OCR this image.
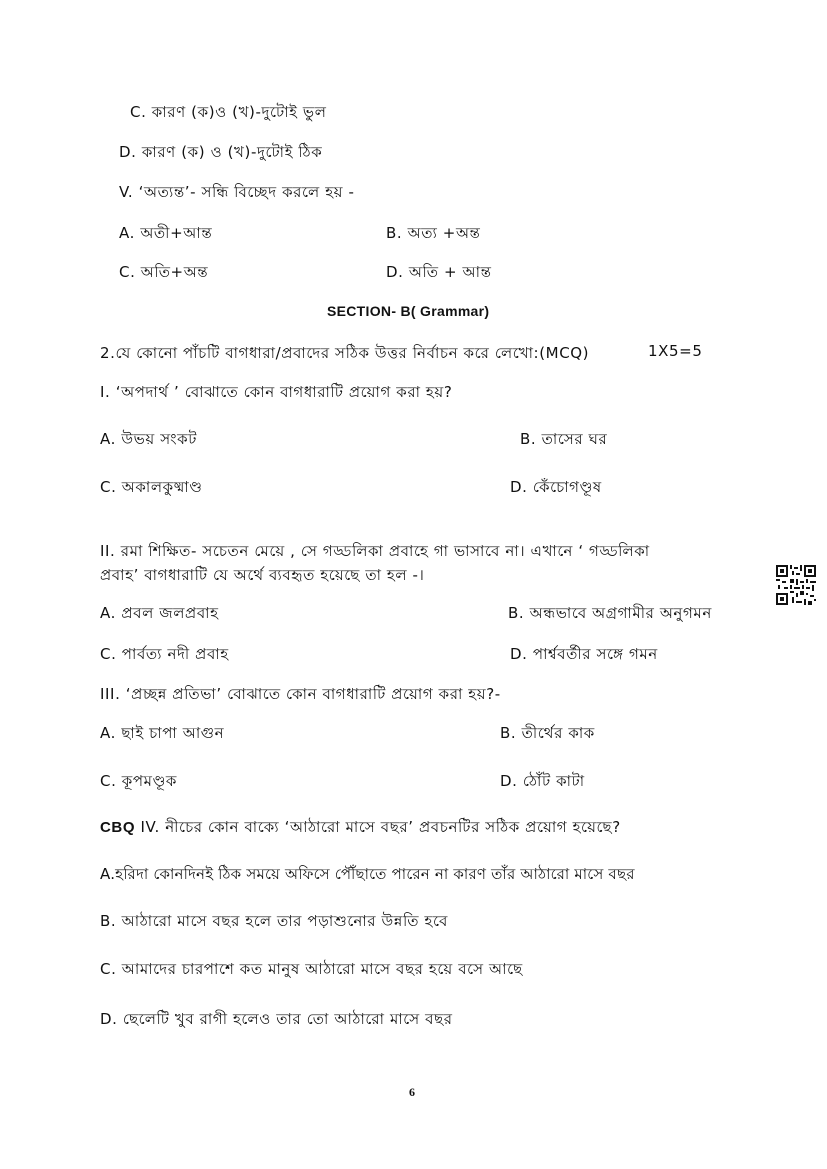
C. কারণ (ক)ও (খ)-দুটোই ভুল
D. কারণ (ক) ও (খ)-দুটোই ঠিক
V. ‘অত্যন্ত’- সন্ধি বিচ্ছেদ করলে হয় -
A. অতী+আন্ত	B. অত্য +অন্ত
C. অতি+অন্ত	D. অতি + আন্ত
SECTION- B( Grammar)
2.যে কোনো পাঁচটি বাগধারা/প্রবাদের সঠিক উত্তর নির্বাচন করে লেখো:(MCQ)	1X5=5
I. ‘অপদার্থ ’ বোঝাতে কোন বাগধারাটি প্রয়োগ করা হয়?
A. উভয় সংকট	B. তাসের ঘর
C. অকালকুষ্মাণ্ড	D. কেঁচোগণ্ডূষ
II. রমা শিক্ষিত- সচেতন মেয়ে , সে গড্ডলিকা প্রবাহে গা ভাসাবে না। এখানে ‘ গড্ডলিকা
প্রবাহ’ বাগধারাটি যে অর্থে ব্যবহৃত হয়েছে তা হল -।
A. প্রবল জলপ্রবাহ	B. অন্ধভাবে অগ্রগামীর অনুগমন
C. পার্বত্য নদী প্রবাহ	D. পার্শ্ববর্তীর সঙ্গে গমন
III. ‘প্রচ্ছন্ন প্রতিভা’ বোঝাতে কোন বাগধারাটি প্রয়োগ করা হয়?-
A. ছাই চাপা আগুন	B. তীর্থের কাক
C. কূপমণ্ডূক	D. ঠোঁট কাটা
CBQ IV. নীচের কোন বাক্যে ‘আঠারো মাসে বছর’ প্রবচনটির সঠিক প্রয়োগ হয়েছে?
A.হরিদা কোনদিনই ঠিক সময়ে অফিসে পৌঁছাতে পারেন না কারণ তাঁর আঠারো মাসে বছর
B. আঠারো মাসে বছর হলে তার পড়াশুনোর উন্নতি হবে
C. আমাদের চারপাশে কত মানুষ আঠারো মাসে বছর হয়ে বসে আছে
D. ছেলেটি খুব রাগী হলেও তার তো আঠারো মাসে বছর
6
